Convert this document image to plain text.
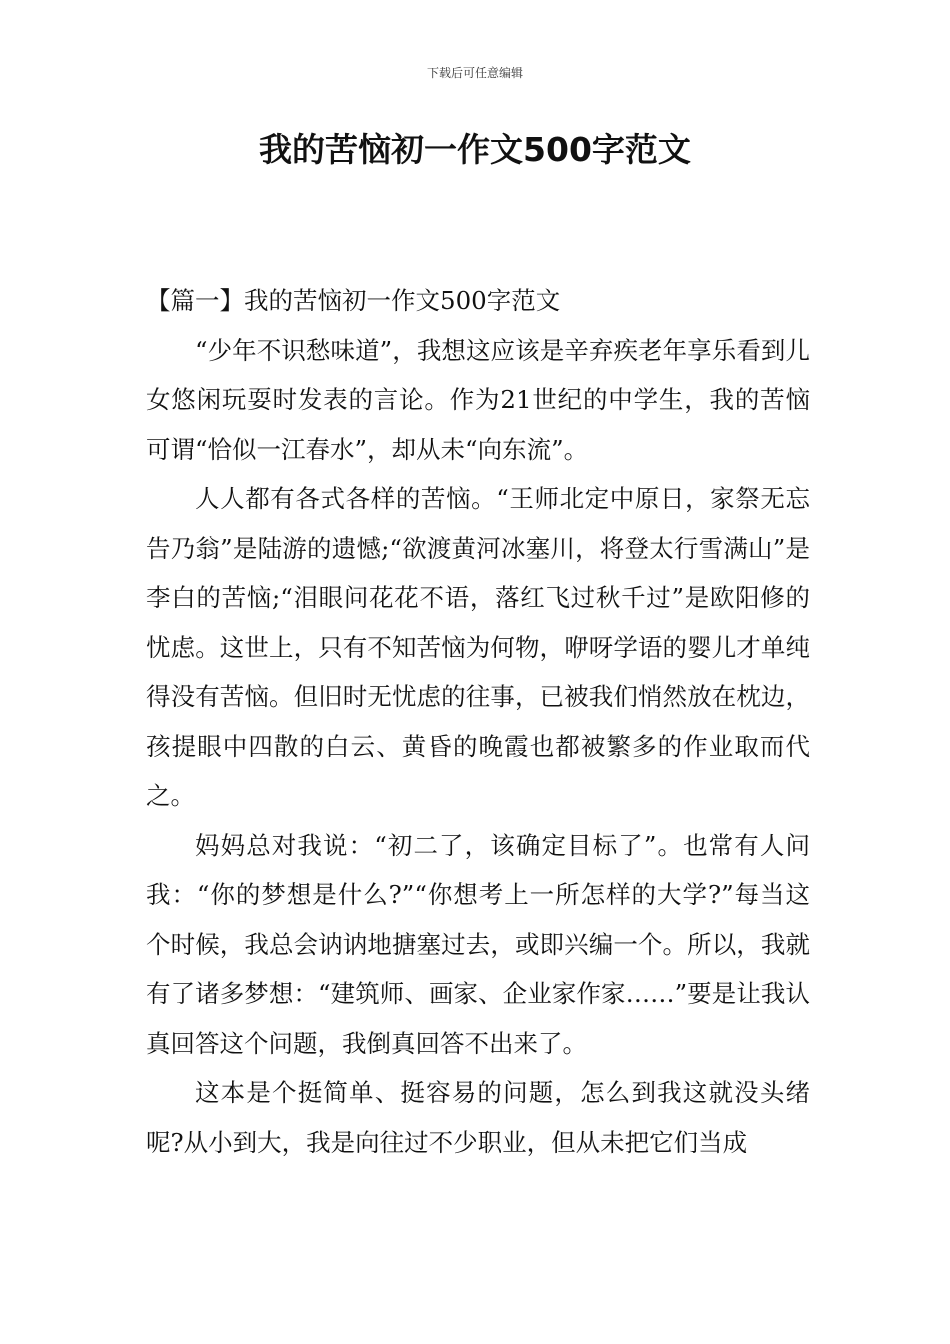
下载后可任意编辑
我的苦恼初一作文500字范文
【篇一】我的苦恼初一作文500字范文

“少年不识愁味道”，我想这应该是辛弃疾老年享乐看到儿女悠闲玩耍时发表的言论。作为21世纪的中学生，我的苦恼可谓“恰似一江春水”，却从未“向东流”。

人人都有各式各样的苦恼。“王师北定中原日，家祭无忘告乃翁”是陆游的遗憾;“欲渡黄河冰塞川，将登太行雪满山”是李白的苦恼;“泪眼问花花不语，落红飞过秋千过”是欧阳修的忧虑。这世上，只有不知苦恼为何物，咿呀学语的婴儿才单纯得没有苦恼。但旧时无忧虑的往事，已被我们悄然放在枕边，孩提眼中四散的白云、黄昏的晚霞也都被繁多的作业取而代之。

妈妈总对我说：“初二了，该确定目标了”。也常有人问我：“你的梦想是什么?”“你想考上一所怎样的大学?”每当这个时候，我总会讷讷地搪塞过去，或即兴编一个。所以，我就有了诸多梦想：“建筑师、画家、企业家作家……”要是让我认真回答这个问题，我倒真回答不出来了。

这本是个挺简单、挺容易的问题，怎么到我这就没头绪呢?从小到大，我是向往过不少职业，但从未把它们当成
